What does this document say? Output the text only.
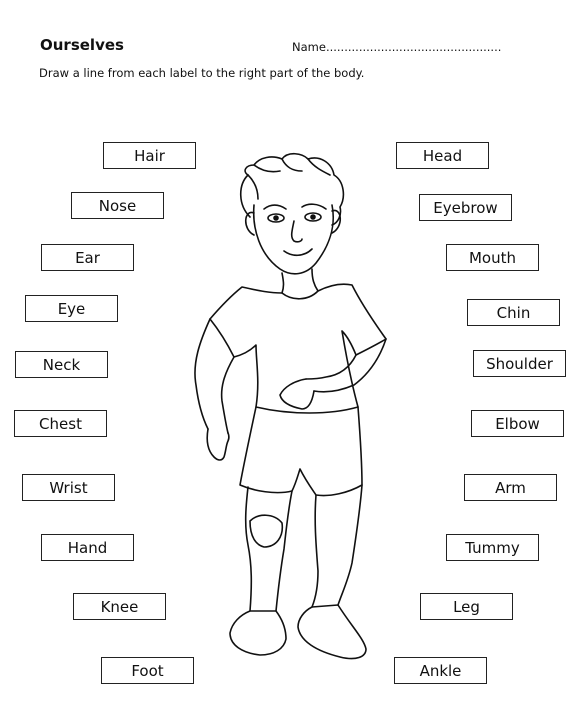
Ourselves	Name................................................
Draw a line from each label to the right part of the body.
Hair
Nose
Ear
Eye
Neck
Chest
Wrist
Hand
Knee
Foot
Head
Eyebrow
Mouth
Chin
Shoulder
Elbow
Arm
Tummy
Leg
Ankle
